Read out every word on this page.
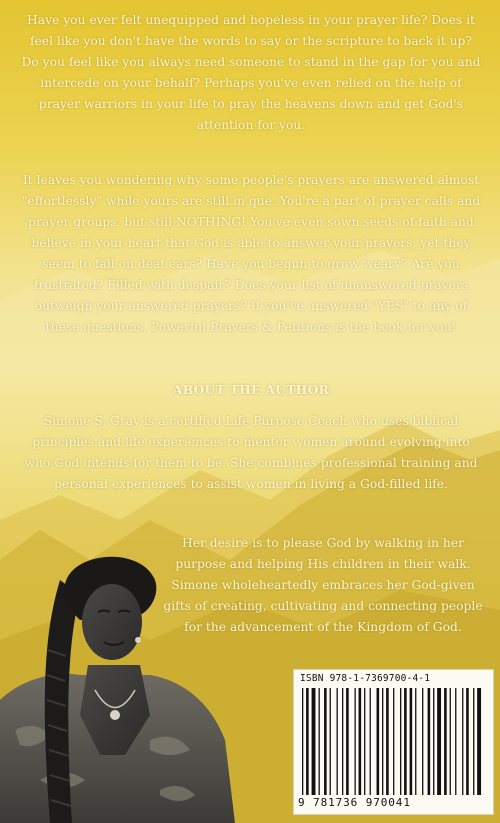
Have you ever felt unequipped and hopeless in your prayer life? Does it feel like you don't have the words to say or the scripture to back it up? Do you feel like you always need someone to stand in the gap for you and intercede on your behalf? Perhaps you've even relied on the help of prayer warriors in your life to pray the heavens down and get God's attention for you.

It leaves you wondering why some people's prayers are answered almost "effortlessly" while yours are still in que. You're a part of prayer calls and prayer groups, but still NOTHING! You've even sown seeds of faith and believe in your heart that God is able to answer your prayers, yet they seem to fall on deaf ears? Have you begun to grow weary? Are you frustrated? Filled with despair? Does your list of unanswered prayers outweigh your answered prayers? If you've answered "YES" to any of these questions, Powerful Prayers & Petitions is the book for you!

ABOUT THE AUTHOR

Simone S. Gray is a certified Life Purpose Coach who uses biblical principles and life experiences to mentor women around evolving into who God intends for them to be. She combines professional training and personal experiences to assist women in living a God-filled life.

Her desire is to please God by walking in her purpose and helping His children in their walk. Simone wholeheartedly embraces her God-given gifts of creating, cultivating and connecting people for the advancement of the Kingdom of God.

ISBN 978-1-7369700-4-1
9 781736 970041
